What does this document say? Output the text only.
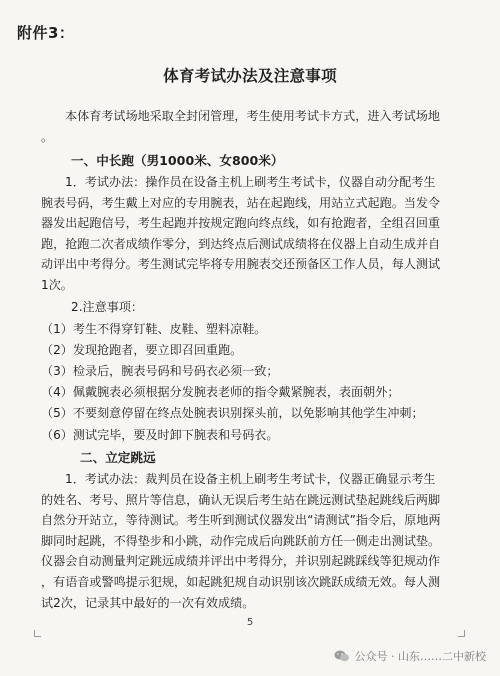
附件3：
体育考试办法及注意事项
本体育考试场地采取全封闭管理，考生使用考试卡方式，进入考试场地
。
一、中长跑（男1000米、女800米）
1．考试办法：操作员在设备主机上刷考生考试卡，仪器自动分配考生
腕表号码，考生戴上对应的专用腕表，站在起跑线，用站立式起跑。当发令
器发出起跑信号，考生起跑并按规定跑向终点线，如有抢跑者，全组召回重
跑，抢跑二次者成绩作零分，到达终点后测试成绩将在仪器上自动生成并自
动评出中考得分。考生测试完毕将专用腕表交还预备区工作人员，每人测试
1次。
2.注意事项：
（1）考生不得穿钉鞋、皮鞋、塑料凉鞋。
（2）发现抢跑者，要立即召回重跑。
（3）检录后，腕表号码和号码衣必须一致；
（4）佩戴腕表必须根据分发腕表老师的指令戴紧腕表，表面朝外；
（5）不要刻意停留在终点处腕表识别探头前，以免影响其他学生冲刺；
（6）测试完毕，要及时卸下腕表和号码衣。
二、立定跳远
1．考试办法：裁判员在设备主机上刷考生考试卡，仪器正确显示考生
的姓名、考号、照片等信息，确认无误后考生站在跳远测试垫起跳线后两脚
自然分开站立，等待测试。考生听到测试仪器发出“请测试”指令后，原地两
脚同时起跳，不得垫步和小跳，动作完成后向跳跃前方任一侧走出测试垫。
仪器会自动测量判定跳远成绩并评出中考得分，并识别起跳踩线等犯规动作
，有语音或警鸣提示犯规，如起跳犯规自动识别该次跳跃成绩无效。每人测
试2次，记录其中最好的一次有效成绩。
5
公众号 · 山东……二中新校
